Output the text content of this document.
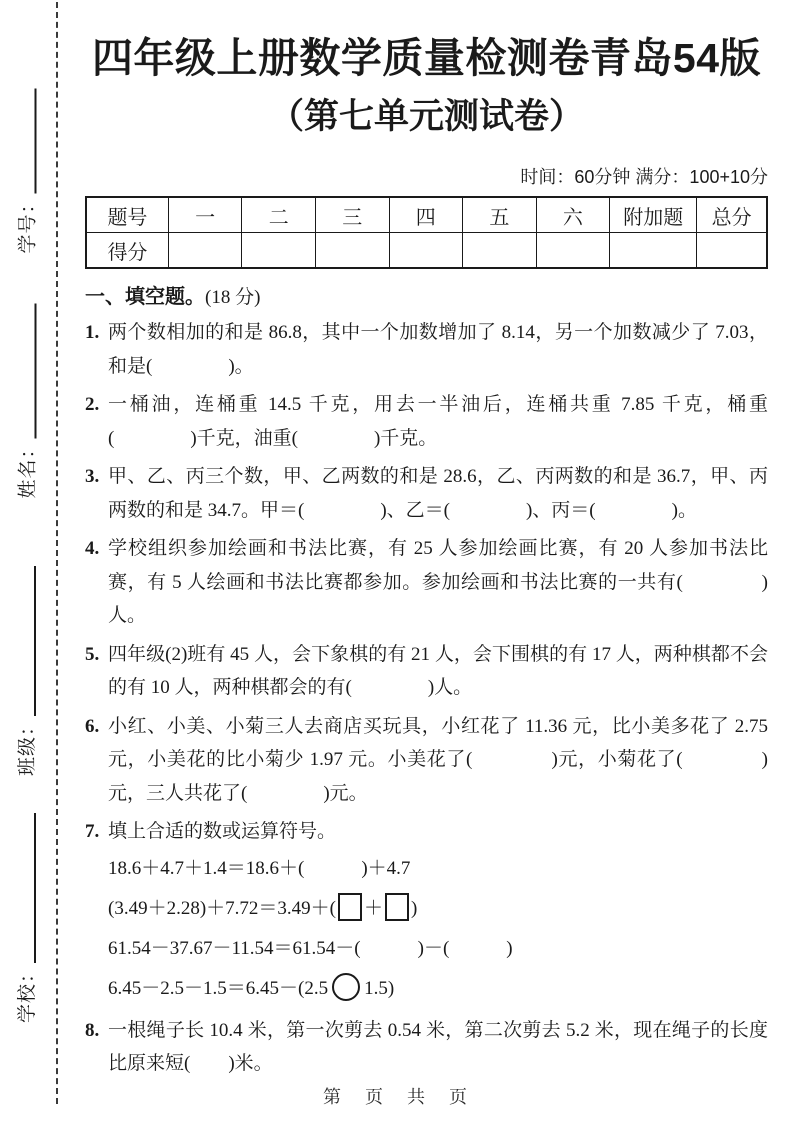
学号：
姓名：
班级：
学校：
四年级上册数学质量检测卷青岛54版
（第七单元测试卷）
时间：60分钟 满分：100+10分
题号	一	二	三	四	五	六	附加题	总分
得分								
一、填空题。(18 分)
1. 两个数相加的和是 86.8，其中一个加数增加了 8.14，另一个加数减少了 7.03，和是(　　　　)。
2. 一桶油，连桶重 14.5 千克，用去一半油后，连桶共重 7.85 千克，桶重(　　　　)千克，油重(　　　　)千克。
3. 甲、乙、丙三个数，甲、乙两数的和是 28.6，乙、丙两数的和是 36.7，甲、丙两数的和是 34.7。甲＝(　　　　)、乙＝(　　　　)、丙＝(　　　　)。
4. 学校组织参加绘画和书法比赛，有 25 人参加绘画比赛，有 20 人参加书法比赛，有 5 人绘画和书法比赛都参加。参加绘画和书法比赛的一共有(　　　　)人。
5. 四年级(2)班有 45 人，会下象棋的有 21 人，会下围棋的有 17 人，两种棋都不会的有 10 人，两种棋都会的有(　　　　)人。
6. 小红、小美、小菊三人去商店买玩具，小红花了 11.36 元，比小美多花了 2.75 元，小美花的比小菊少 1.97 元。小美花了(　　　　)元，小菊花了(　　　　)元，三人共花了(　　　　)元。
7. 填上合适的数或运算符号。
18.6＋4.7＋1.4＝18.6＋(　　　)＋4.7
(3.49＋2.28)＋7.72＝3.49＋( ＋ )
61.54－37.67－11.54＝61.54－(　　　)－(　　　)
6.45－2.5－1.5＝6.45－(2.5 1.5)
8. 一根绳子长 10.4 米，第一次剪去 0.54 米，第二次剪去 5.2 米，现在绳子的长度比原来短(　　)米。
第　页　共　页
